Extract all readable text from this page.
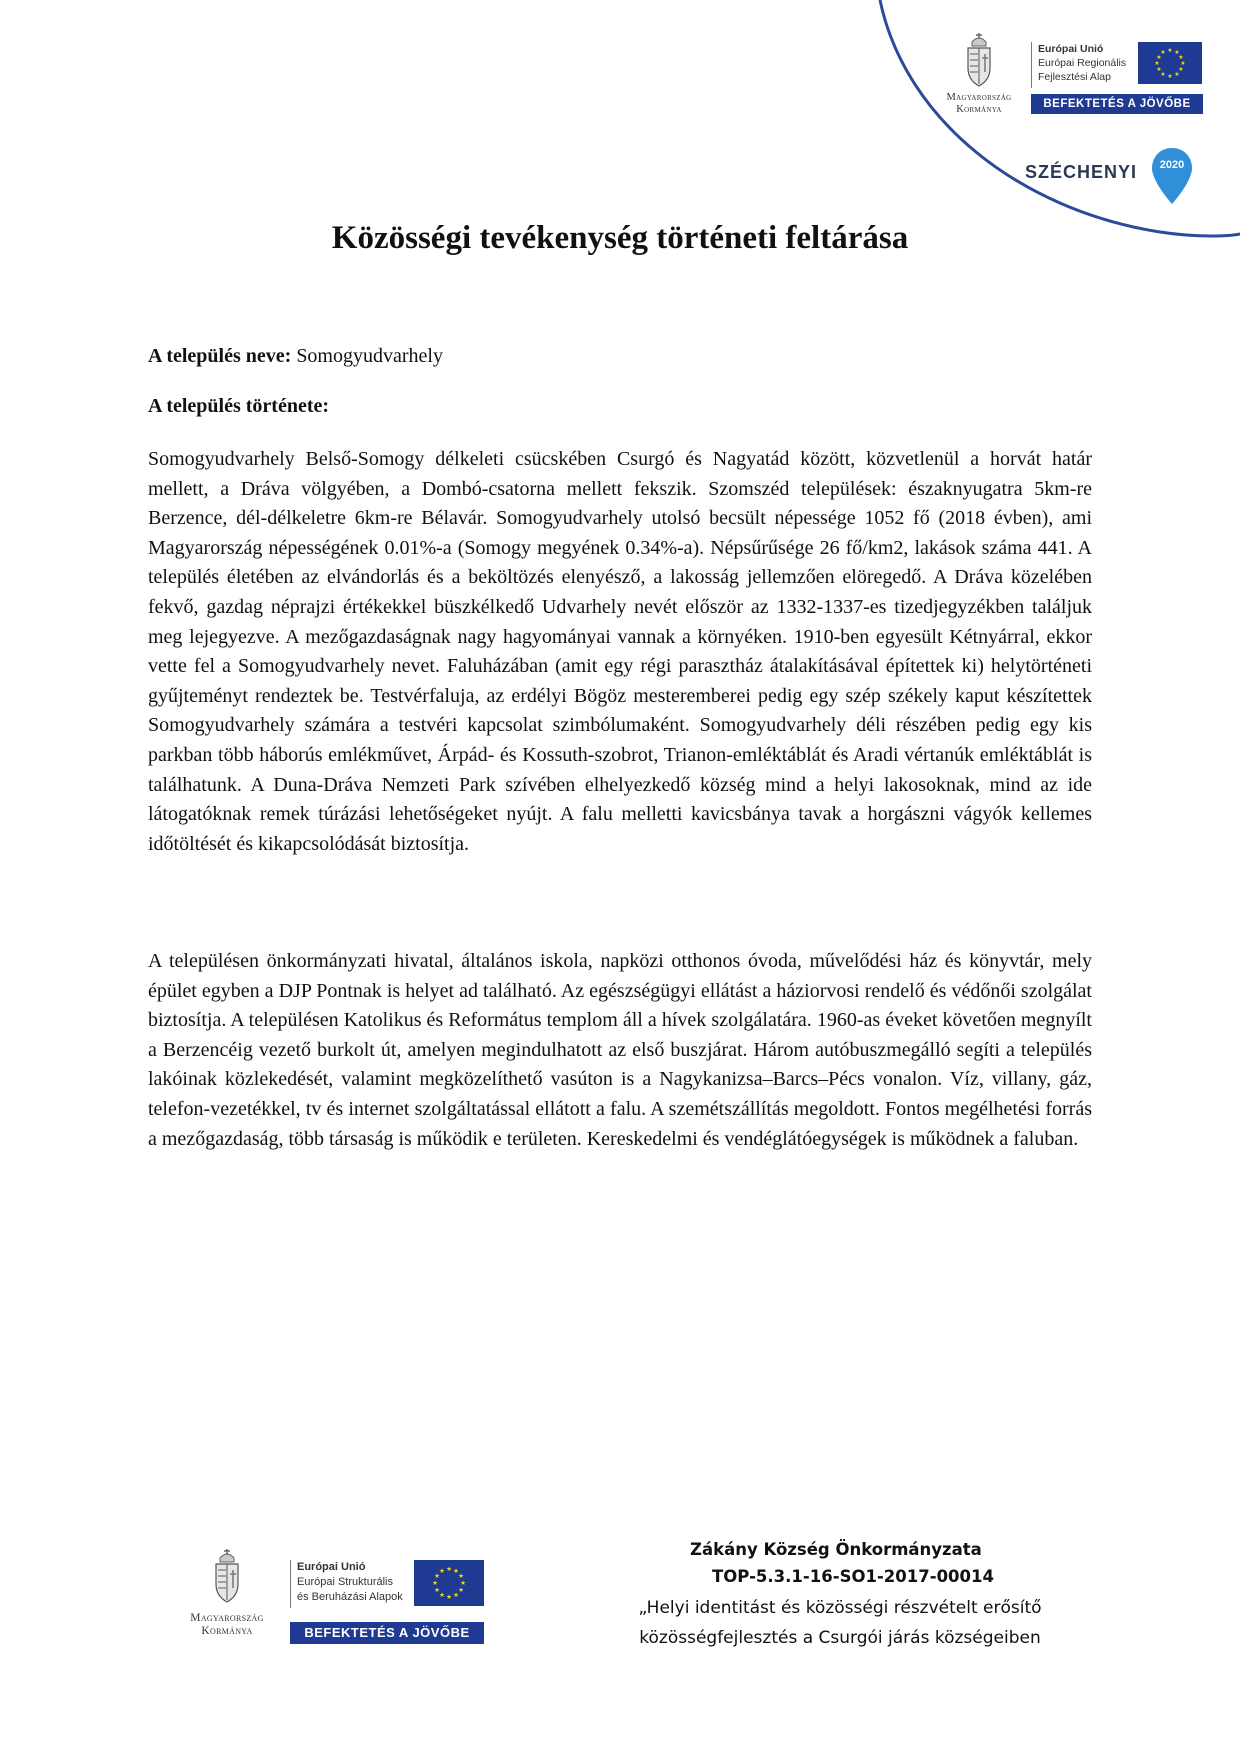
Magyarország
Kormánya
Európai Unió
Európai Regionális
Fejlesztési Alap
★ ★
★
★
★
★
★
★
★
★
★
★
BEFEKTETÉS A JÖVŐBE
SZÉCHENYI	2020
Közösségi tevékenység történeti feltárása
A település neve: Somogyudvarhely
A település története:
Somogyudvarhely Belső-Somogy délkeleti csücskében Csurgó és Nagyatád között, közvetlenül a horvát határ mellett, a Dráva völgyében, a Dombó-csatorna mellett fekszik. Szomszéd települések: északnyugatra 5km-re Berzence, dél-délkeletre 6km-re Bélavár. Somogyudvarhely utolsó becsült népessége 1052 fő (2018 évben), ami Magyarország népességének 0.01%-a (Somogy megyének 0.34%-a). Népsűrűsége 26 fő/km2, lakások száma 441. A település életében az elvándorlás és a beköltözés elenyésző, a lakosság jellemzően elöregedő. A Dráva közelében fekvő, gazdag néprajzi értékekkel büszkélkedő Udvarhely nevét először az 1332-1337-es tizedjegyzékben találjuk meg lejegyezve. A mezőgazdaságnak nagy hagyományai vannak a környéken. 1910-ben egyesült Kétnyárral, ekkor vette fel a Somogyudvarhely nevet. Faluházában (amit egy régi parasztház átalakításával építettek ki) helytörténeti gyűjteményt rendeztek be. Testvérfaluja, az erdélyi Bögöz mesteremberei pedig egy szép székely kaput készítettek Somogyudvarhely számára a testvéri kapcsolat szimbólumaként. Somogyudvarhely déli részében pedig egy kis parkban több háborús emlékművet, Árpád- és Kossuth-szobrot, Trianon-emléktáblát és Aradi vértanúk emléktáblát is találhatunk. A Duna-Dráva Nemzeti Park szívében elhelyezkedő község mind a helyi lakosoknak, mind az ide látogatóknak remek túrázási lehetőségeket nyújt. A falu melletti kavicsbánya tavak a horgászni vágyók kellemes időtöltését és kikapcsolódását biztosítja.
A településen önkormányzati hivatal, általános iskola, napközi otthonos óvoda, művelődési ház és könyvtár, mely épület egyben a DJP Pontnak is helyet ad található. Az egészségügyi ellátást a háziorvosi rendelő és védőnői szolgálat biztosítja. A településen Katolikus és Református templom áll a hívek szolgálatára. 1960-as éveket követően megnyílt a Berzencéig vezető burkolt út, amelyen megindulhatott az első buszjárat. Három autóbuszmegálló segíti a település lakóinak közlekedését, valamint megközelíthető vasúton is a Nagykanizsa–Barcs–Pécs vonalon. Víz, villany, gáz, telefon-vezetékkel, tv és internet szolgáltatással ellátott a falu. A szemétszállítás megoldott. Fontos megélhetési forrás a mezőgazdaság, több társaság is működik e területen. Kereskedelmi és vendéglátóegységek is működnek a faluban.
Magyarország
Kormánya
Európai Unió
Európai Strukturális
és Beruházási Alapok
★ ★
★
★
★
★
★
★
★
★
★
★
BEFEKTETÉS A JÖVŐBE
Zákány Község Önkormányzata
TOP-5.3.1-16-SO1-2017-00014
„Helyi identitást és közösségi részvételt erősítő
közösségfejlesztés a Csurgói járás községeiben
